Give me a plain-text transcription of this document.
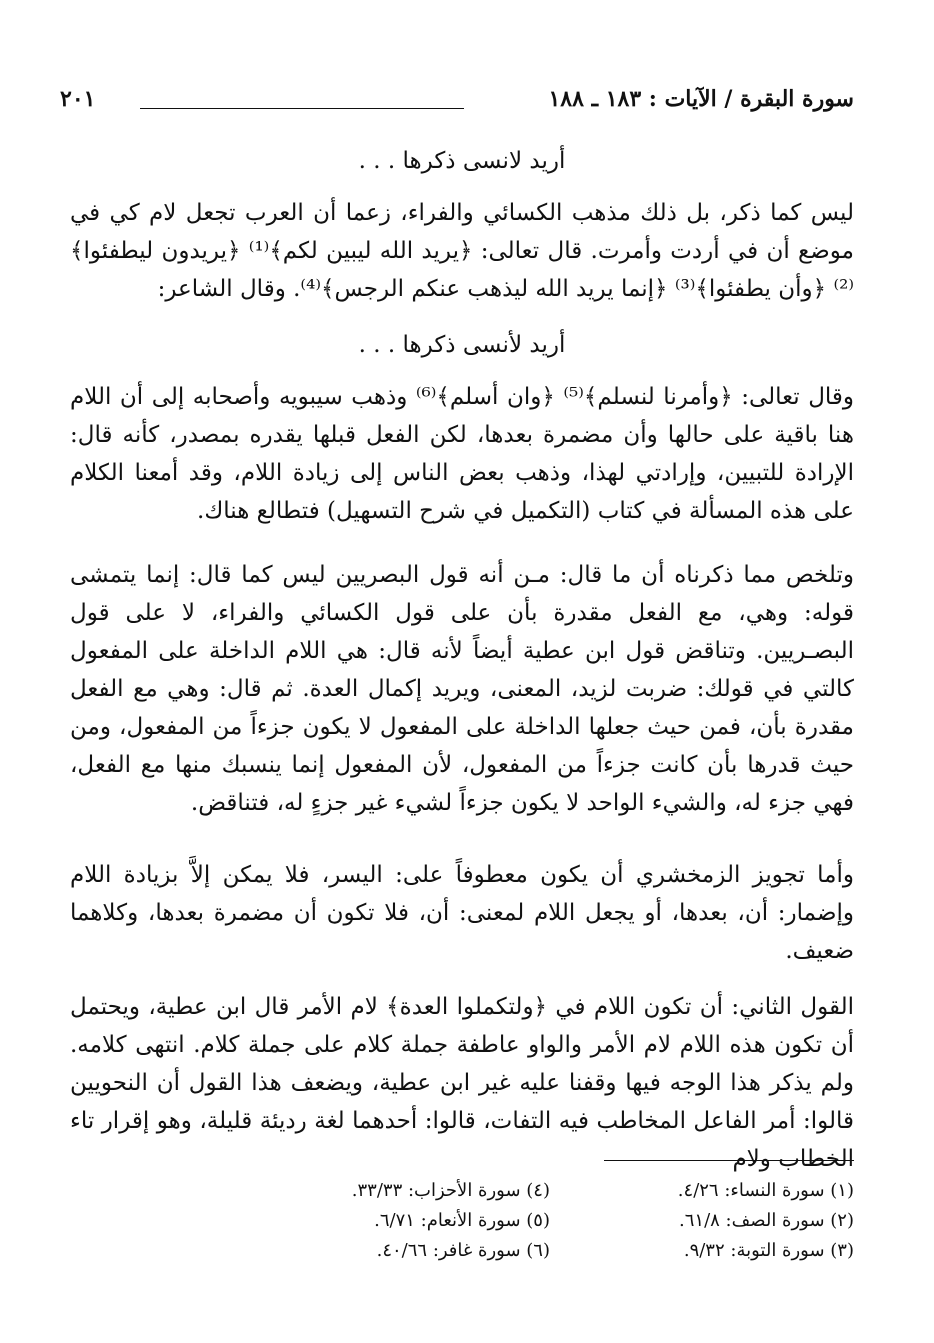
سورة البقرة / الآيات : ١٨٣ ـ ١٨٨
٢٠١
أريد لانسى ذكرها . . .

ليس كما ذكر، بل ذلك مذهب الكسائي والفراء، زعما أن العرب تجعل لام كي في موضع أن في أردت وأمرت. قال تعالى: ﴿يريد الله ليبين لكم﴾⁽¹⁾ ﴿يريدون ليطفئوا﴾⁽²⁾ ﴿وأن يطفئوا﴾⁽³⁾ ﴿إنما يريد الله ليذهب عنكم الرجس﴾⁽⁴⁾. وقال الشاعر:

أريد لأنسى ذكرها . . .

وقال تعالى: ﴿وأمرنا لنسلم﴾⁽⁵⁾ ﴿وان أسلم﴾⁽⁶⁾ وذهب سيبويه وأصحابه إلى أن اللام هنا باقية على حالها وأن مضمرة بعدها، لكن الفعل قبلها يقدره بمصدر، كأنه قال: الإرادة للتبيين، وإرادتي لهذا، وذهب بعض الناس إلى زيادة اللام، وقد أمعنا الكلام على هذه المسألة في كتاب (التكميل في شرح التسهيل) فتطالع هناك.

وتلخص مما ذكرناه أن ما قال: مـن أنه قول البصريين ليس كما قال: إنما يتمشى قوله: وهي، مع الفعل مقدرة بأن على قول الكسائي والفراء، لا على قول البصـريين. وتناقض قول ابن عطية أيضاً لأنه قال: هي اللام الداخلة على المفعول كالتي في قولك: ضربت لزيد، المعنى، ويريد إكمال العدة. ثم قال: وهي مع الفعل مقدرة بأن، فمن حيث جعلها الداخلة على المفعول لا يكون جزءاً من المفعول، ومن حيث قدرها بأن كانت جزءاً من المفعول، لأن المفعول إنما ينسبك منها مع الفعل، فهي جزء له، والشيء الواحد لا يكون جزءاً لشيء غير جزءٍ له، فتناقض.

وأما تجويز الزمخشري أن يكون معطوفاً على: اليسر، فلا يمكن إلاَّ بزيادة اللام وإضمار: أن، بعدها، أو يجعل اللام لمعنى: أن، فلا تكون أن مضمرة بعدها، وكلاهما ضعيف.

القول الثاني: أن تكون اللام في ﴿ولتكملوا العدة﴾ لام الأمر قال ابن عطية، ويحتمل أن تكون هذه اللام لام الأمر والواو عاطفة جملة كلام على جملة كلام. انتهى كلامه. ولم يذكر هذا الوجه فيها وقفنا عليه غير ابن عطية، ويضعف هذا القول أن النحويين قالوا: أمر الفاعل المخاطب فيه التفات، قالوا: أحدهما لغة رديئة قليلة، وهو إقرار تاء الخطاب ولام

(١) سورة النساء: ٤/٢٦.
(٢) سورة الصف: ٦١/٨.
(٣) سورة التوبة: ٩/٣٢.
(٤) سورة الأحزاب: ٣٣/٣٣.
(٥) سورة الأنعام: ٦/٧١.
(٦) سورة غافر: ٤٠/٦٦.
